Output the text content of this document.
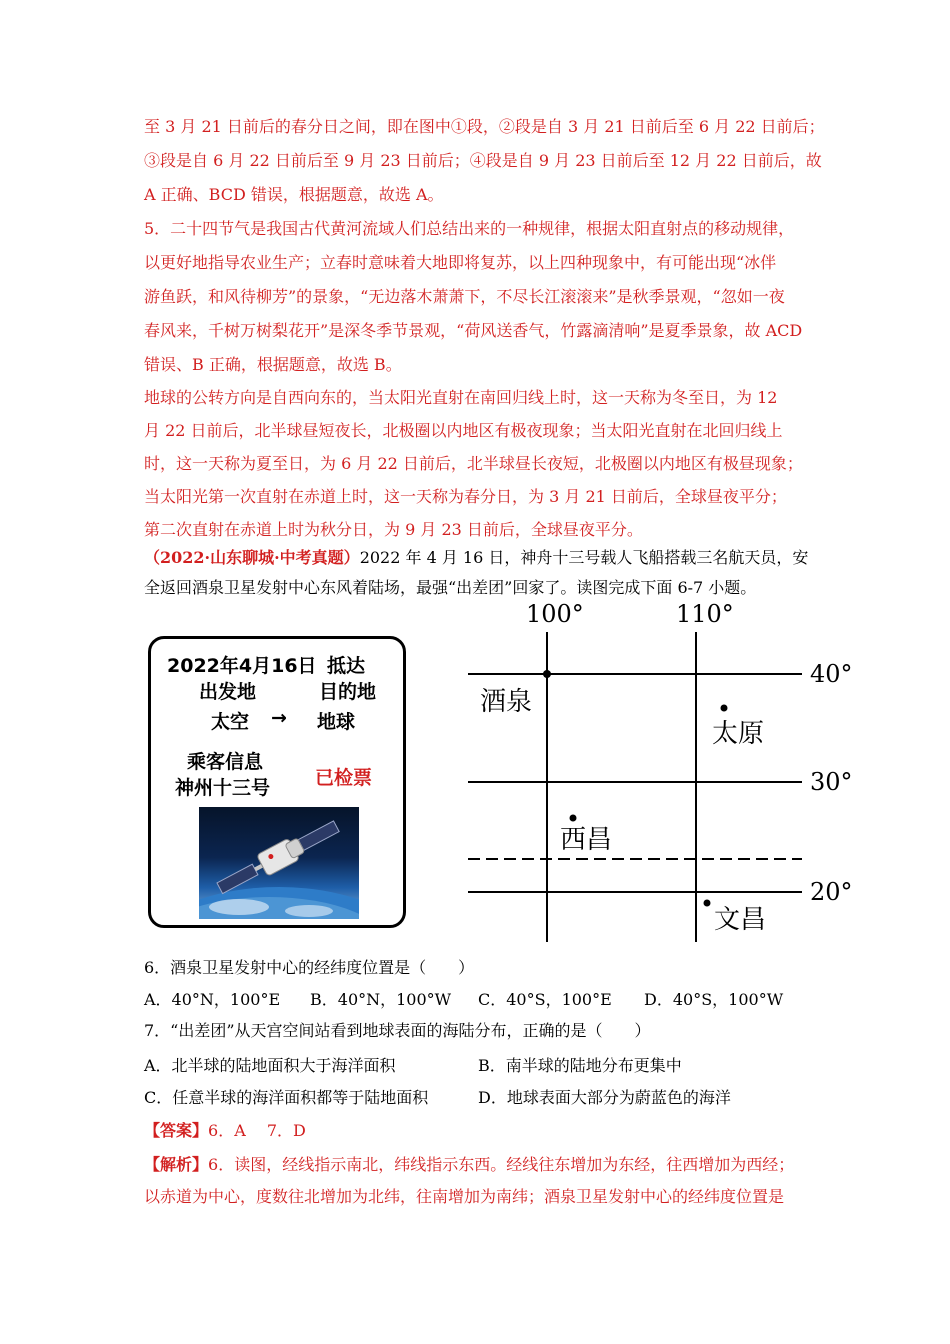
至 3 月 21 日前后的春分日之间，即在图中①段，②段是自 3 月 21 日前后至 6 月 22 日前后；
③段是自 6 月 22 日前后至 9 月 23 日前后；④段是自 9 月 23 日前后至 12 月 22 日前后，故
A 正确、BCD 错误，根据题意，故选 A。
5．二十四节气是我国古代黄河流域人们总结出来的一种规律，根据太阳直射点的移动规律，
以更好地指导农业生产；立春时意味着大地即将复苏，以上四种现象中，有可能出现“冰伴
游鱼跃，和风待柳芳”的景象，“无边落木萧萧下，不尽长江滚滚来”是秋季景观，“忽如一夜
春风来，千树万树梨花开”是深冬季节景观，“荷风送香气，竹露滴清响”是夏季景象，故 ACD
错误、B 正确，根据题意，故选 B。
地球的公转方向是自西向东的，当太阳光直射在南回归线上时，这一天称为冬至日，为 12
月 22 日前后，北半球昼短夜长，北极圈以内地区有极夜现象；当太阳光直射在北回归线上
时，这一天称为夏至日，为 6 月 22 日前后，北半球昼长夜短，北极圈以内地区有极昼现象；
当太阳光第一次直射在赤道上时，这一天称为春分日，为 3 月 21 日前后，全球昼夜平分；
第二次直射在赤道上时为秋分日，为 9 月 23 日前后，全球昼夜平分。
（2022·山东聊城·中考真题）2022 年 4 月 16 日，神舟十三号载人飞船搭载三名航天员，安
全返回酒泉卫星发射中心东风着陆场，最强“出差团”回家了。读图完成下面 6-7 小题。
2022年4月16日 抵达
出发地	目的地
太空 → 地球
乘客信息
神州十三号 已检票
100°	110°
40°
30°
20°
酒泉
太原
西昌
文昌
6．酒泉卫星发射中心的经纬度位置是（　　）
A．40°N，100°E B．40°N，100°W C．40°S，100°E D．40°S，100°W
7．“出差团”从天宫空间站看到地球表面的海陆分布，正确的是（　　）
A．北半球的陆地面积大于海洋面积	B．南半球的陆地分布更集中
C．任意半球的海洋面积都等于陆地面积	D．地球表面大部分为蔚蓝色的海洋
【答案】6．A　 7．D
【解析】6．读图，经线指示南北，纬线指示东西。经线往东增加为东经，往西增加为西经；
以赤道为中心，度数往北增加为北纬，往南增加为南纬；酒泉卫星发射中心的经纬度位置是
